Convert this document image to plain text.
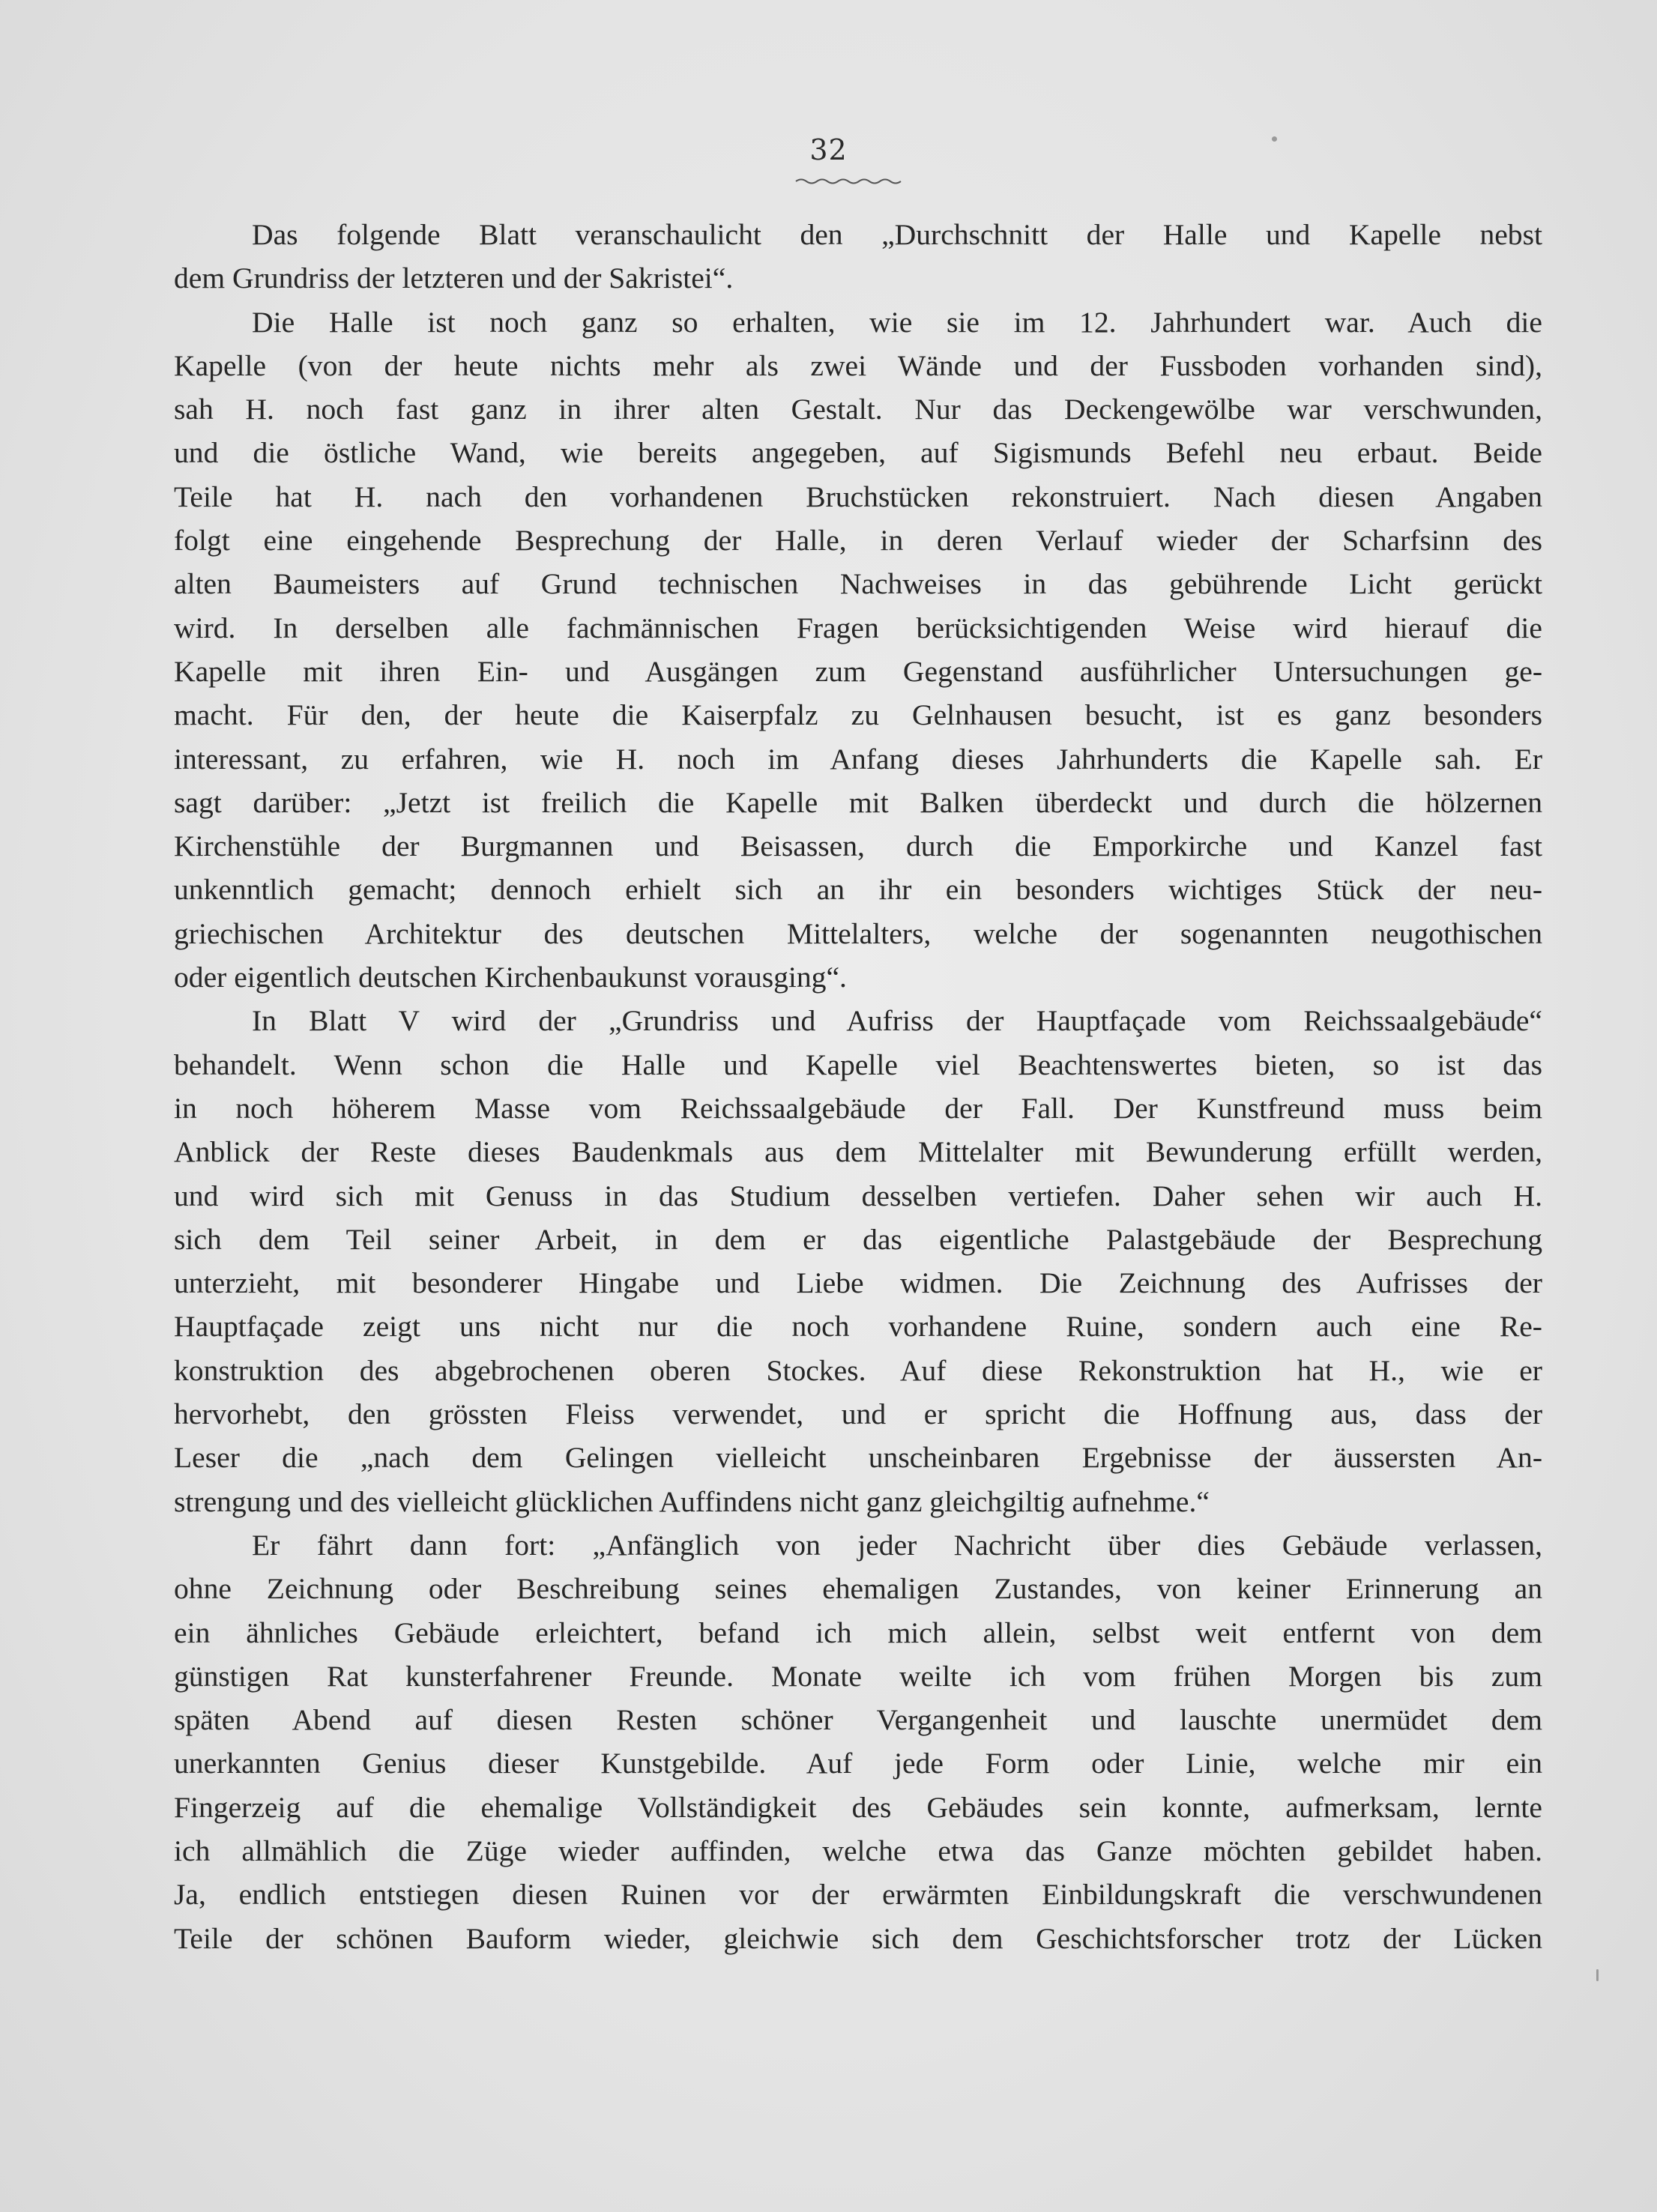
32
Das folgende Blatt veranschaulicht den „Durchschnitt der Halle und Kapelle nebst
dem Grundriss der letzteren und der Sakristei“.
Die Halle ist noch ganz so erhalten, wie sie im 12. Jahrhundert war. Auch die
Kapelle (von der heute nichts mehr als zwei Wände und der Fussboden vorhanden sind),
sah H. noch fast ganz in ihrer alten Gestalt. Nur das Deckengewölbe war verschwunden,
und die östliche Wand, wie bereits angegeben, auf Sigismunds Befehl neu erbaut. Beide
Teile hat H. nach den vorhandenen Bruchstücken rekonstruiert. Nach diesen Angaben
folgt eine eingehende Besprechung der Halle, in deren Verlauf wieder der Scharfsinn des
alten Baumeisters auf Grund technischen Nachweises in das gebührende Licht gerückt
wird. In derselben alle fachmännischen Fragen berücksichtigenden Weise wird hierauf die
Kapelle mit ihren Ein- und Ausgängen zum Gegenstand ausführlicher Untersuchungen ge-
macht. Für den, der heute die Kaiserpfalz zu Gelnhausen besucht, ist es ganz besonders
interessant, zu erfahren, wie H. noch im Anfang dieses Jahrhunderts die Kapelle sah. Er
sagt darüber: „Jetzt ist freilich die Kapelle mit Balken überdeckt und durch die hölzernen
Kirchenstühle der Burgmannen und Beisassen, durch die Emporkirche und Kanzel fast
unkenntlich gemacht; dennoch erhielt sich an ihr ein besonders wichtiges Stück der neu-
griechischen Architektur des deutschen Mittelalters, welche der sogenannten neugothischen
oder eigentlich deutschen Kirchenbaukunst vorausging“.
In Blatt V wird der „Grundriss und Aufriss der Hauptfaçade vom Reichssaalgebäude“
behandelt. Wenn schon die Halle und Kapelle viel Beachtenswertes bieten, so ist das
in noch höherem Masse vom Reichssaalgebäude der Fall. Der Kunstfreund muss beim
Anblick der Reste dieses Baudenkmals aus dem Mittelalter mit Bewunderung erfüllt werden,
und wird sich mit Genuss in das Studium desselben vertiefen. Daher sehen wir auch H.
sich dem Teil seiner Arbeit, in dem er das eigentliche Palastgebäude der Besprechung
unterzieht, mit besonderer Hingabe und Liebe widmen. Die Zeichnung des Aufrisses der
Hauptfaçade zeigt uns nicht nur die noch vorhandene Ruine, sondern auch eine Re-
konstruktion des abgebrochenen oberen Stockes. Auf diese Rekonstruktion hat H., wie er
hervorhebt, den grössten Fleiss verwendet, und er spricht die Hoffnung aus, dass der
Leser die „nach dem Gelingen vielleicht unscheinbaren Ergebnisse der äussersten An-
strengung und des vielleicht glücklichen Auffindens nicht ganz gleichgiltig aufnehme.“
Er fährt dann fort: „Anfänglich von jeder Nachricht über dies Gebäude verlassen,
ohne Zeichnung oder Beschreibung seines ehemaligen Zustandes, von keiner Erinnerung an
ein ähnliches Gebäude erleichtert, befand ich mich allein, selbst weit entfernt von dem
günstigen Rat kunsterfahrener Freunde. Monate weilte ich vom frühen Morgen bis zum
späten Abend auf diesen Resten schöner Vergangenheit und lauschte unermüdet dem
unerkannten Genius dieser Kunstgebilde. Auf jede Form oder Linie, welche mir ein
Fingerzeig auf die ehemalige Vollständigkeit des Gebäudes sein konnte, aufmerksam, lernte
ich allmählich die Züge wieder auffinden, welche etwa das Ganze möchten gebildet haben.
Ja, endlich entstiegen diesen Ruinen vor der erwärmten Einbildungskraft die verschwundenen
Teile der schönen Bauform wieder, gleichwie sich dem Geschichtsforscher trotz der Lücken
